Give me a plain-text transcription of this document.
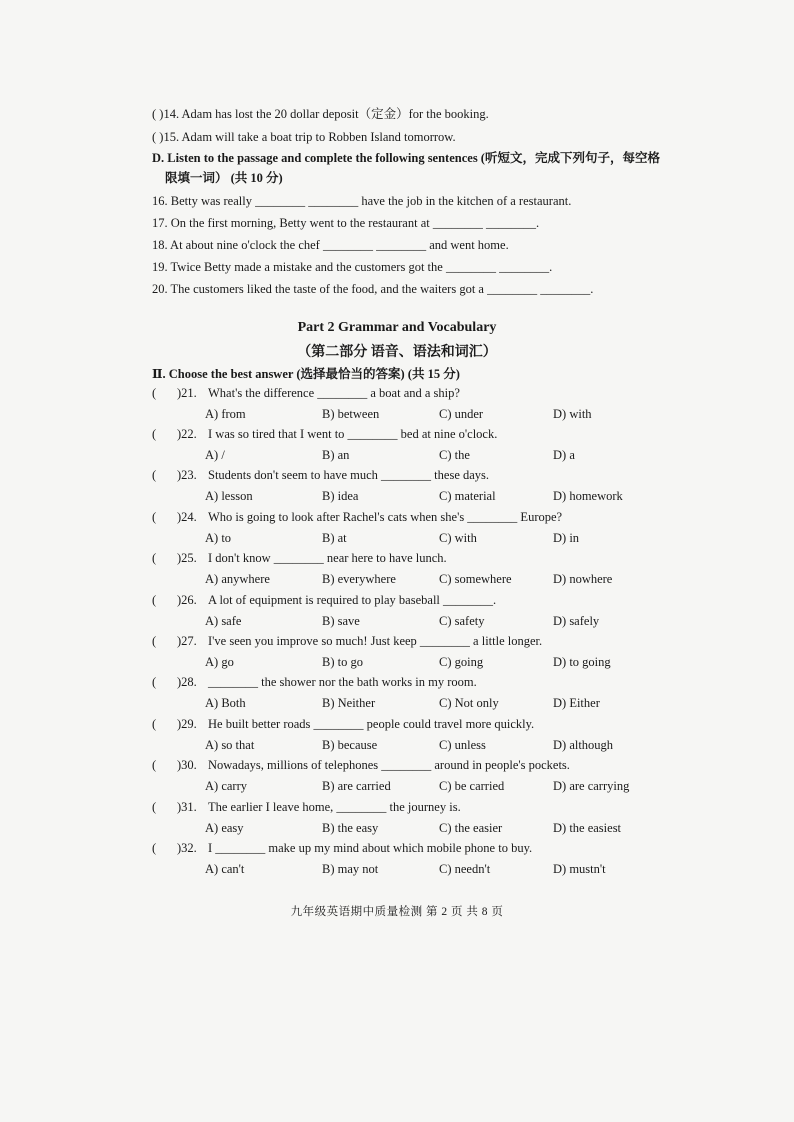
( )14. Adam has lost the 20 dollar deposit（定金）for the booking.
( )15. Adam will take a boat trip to Robben Island tomorrow.
D. Listen to the passage and complete the following sentences (听短文，完成下列句子，每空格
限填一词） (共 10 分)
16. Betty was really ________ ________ have the job in the kitchen of a restaurant.
17. On the first morning, Betty went to the restaurant at ________ ________.
18. At about nine o'clock the chef ________ ________ and went home.
19. Twice Betty made a mistake and the customers got the ________ ________.
20. The customers liked the taste of the food, and the waiters got a ________ ________.
Part 2 Grammar and Vocabulary
（第二部分 语音、语法和词汇）
Ⅱ. Choose the best answer (选择最恰当的答案) (共 15 分)
( )21. What's the difference ________ a boat and a ship?
A) from	B) between	C) under	D) with
( )22. I was so tired that I went to ________ bed at nine o'clock.
A) /	B) an	C) the	D) a
( )23. Students don't seem to have much ________ these days.
A) lesson	B) idea	C) material	D) homework
( )24. Who is going to look after Rachel's cats when she's ________ Europe?
A) to	B) at	C) with	D) in
( )25. I don't know ________ near here to have lunch.
A) anywhere	B) everywhere	C) somewhere	D) nowhere
( )26. A lot of equipment is required to play baseball ________.
A) safe	B) save	C) safety	D) safely
( )27. I've seen you improve so much! Just keep ________ a little longer.
A) go	B) to go	C) going	D) to going
( )28. ________ the shower nor the bath works in my room.
A) Both	B) Neither	C) Not only	D) Either
( )29. He built better roads ________ people could travel more quickly.
A) so that	B) because	C) unless	D) although
( )30. Nowadays, millions of telephones ________ around in people's pockets.
A) carry	B) are carried	C) be carried	D) are carrying
( )31. The earlier I leave home, ________ the journey is.
A) easy	B) the easy	C) the easier	D) the easiest
( )32. I ________ make up my mind about which mobile phone to buy.
A) can't	B) may not	C) needn't	D) mustn't
九年级英语期中质量检测 第 2 页 共 8 页
